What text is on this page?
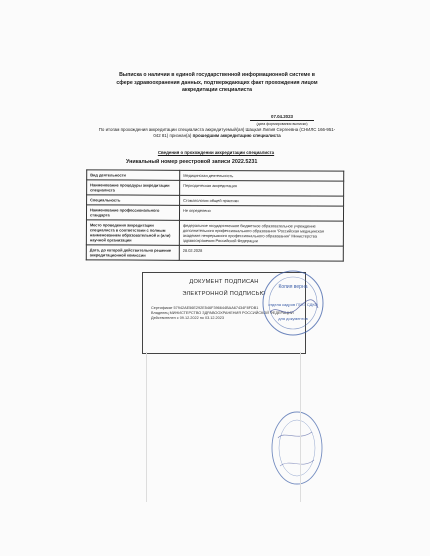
Выписка о наличии в единой государственной информационной системе в сфере здравоохранения данных, подтверждающих факт прохождения лицом аккредитации специалиста
07.04.2023
(дата формирования выписки)
По итогам прохождения аккредитации специалиста аккредитуемый(ая) Шацкая Лилия Сергеевна (СНИЛС 166-951-042 81) признан(а) прошедшим аккредитацию специалиста
Сведения о прохождении аккредитации специалиста
Уникальный номер реестровой записи 2022.5231
Вид деятельности	Медицинская деятельность
Наименование процедуры аккредитации специалиста	Периодическая аккредитация
Специальность	Стоматология общей практики
Наименование профессионального стандарта	Не определено
Место проведения аккредитации специалиста в соответствии с полным наименованием образовательной и (или) научной организации	федеральное государственное бюджетное образовательное учреждение дополнительного профессионального образования "Российская медицинская академия непрерывного профессионального образования" Министерства здравоохранения Российской Федерации
Дата, до которой действительно решение аккредитационной комиссии	28.02.2028
ДОКУМЕНТ ПОДПИСАН
ЭЛЕКТРОННОЙ ПОДПИСЬЮ
Сертификат 57942AE56E292E546F396644BAA67434F8FDB1
Владелец МИНИСТЕРСТВО ЗДРАВООХРАНЕНИЯ РОССИЙСКОЙ ФЕДЕРАЦИИ
Действителен с 09.12.2022 по 03.12.2023
Копия верна
отдела кадров ГБУЗ СДКО
для документов
